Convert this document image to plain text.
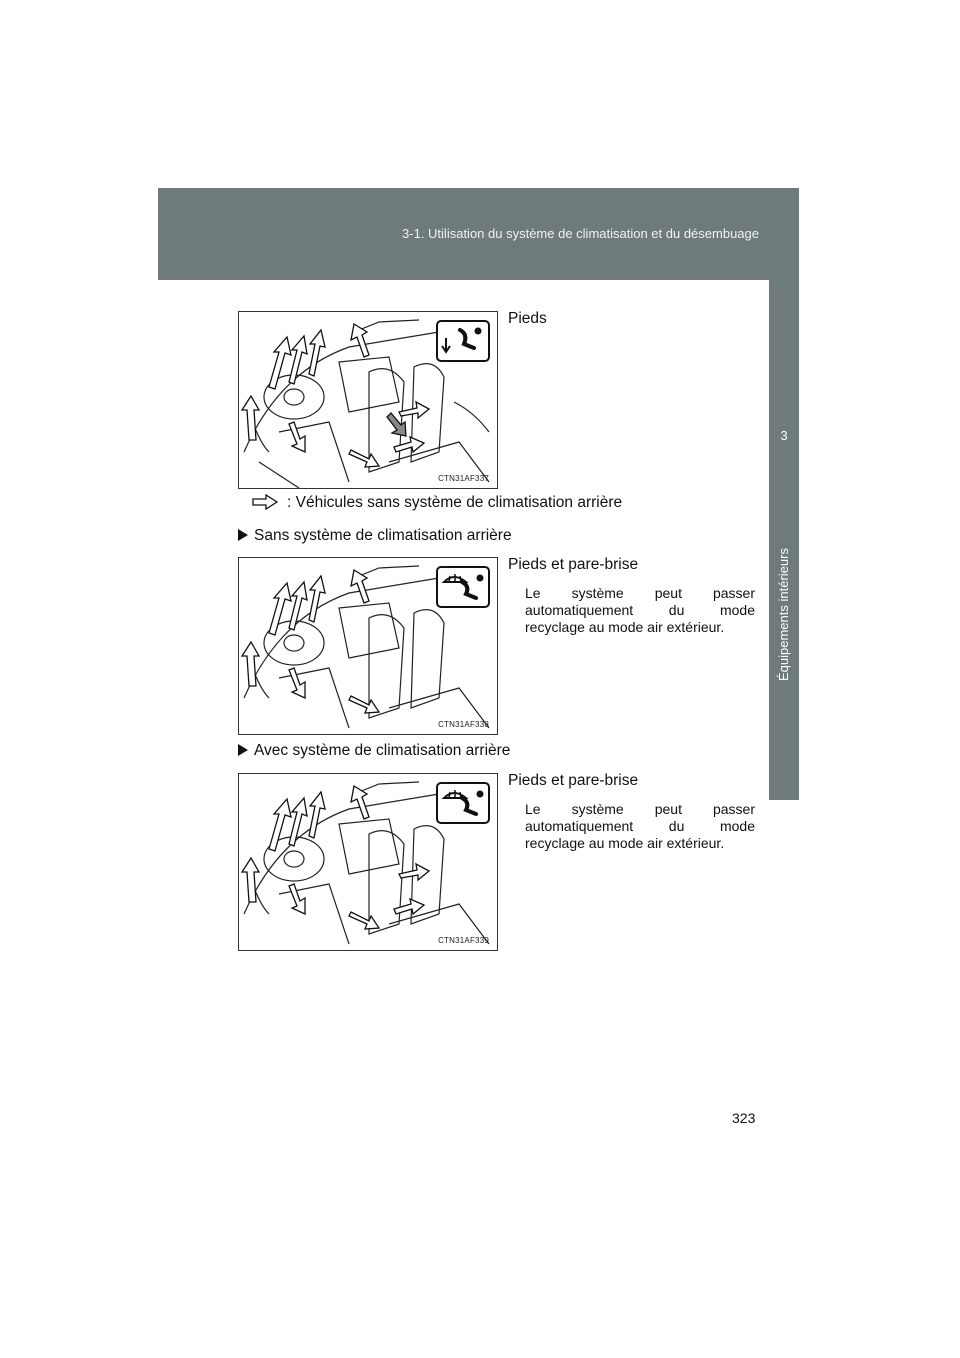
3-1. Utilisation du système de climatisation et du désembuage
3
Équipements intérieurs
CTN31AF337
Pieds
: Véhicules sans système de climatisation arrière
Sans système de climatisation arrière
CTN31AF338
Pieds et pare-brise
Le système peut passer automatiquement du mode recyclage au mode air extérieur.
Avec système de climatisation arrière
CTN31AF339
Pieds et pare-brise
Le système peut passer automatiquement du mode recyclage au mode air extérieur.
323
